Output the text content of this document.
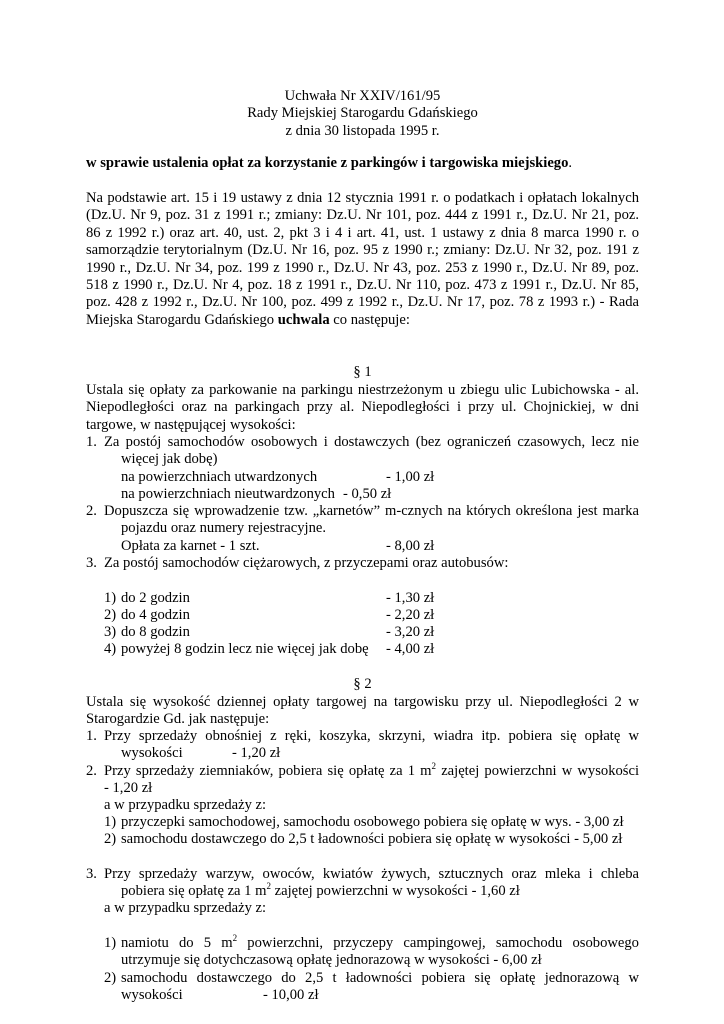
Uchwała Nr XXIV/161/95

Rady Miejskiej Starogardu Gdańskiego

z dnia 30 listopada 1995 r.

w sprawie ustalenia opłat za korzystanie z parkingów i targowiska miejskiego.
Na podstawie art. 15 i 19 ustawy z dnia 12 stycznia 1991 r. o podatkach i opłatach lokalnych (Dz.U. Nr 9, poz. 31 z 1991 r.; zmiany: Dz.U. Nr 101, poz. 444 z 1991 r., Dz.U. Nr 21, poz. 86 z 1992 r.) oraz art. 40, ust. 2, pkt 3 i 4 i art. 41, ust. 1 ustawy z dnia 8 marca 1990 r. o samorządzie terytorialnym (Dz.U. Nr 16, poz. 95 z 1990 r.; zmiany: Dz.U. Nr 32, poz. 191 z 1990 r., Dz.U. Nr 34, poz. 199 z 1990 r., Dz.U. Nr 43, poz. 253 z 1990 r., Dz.U. Nr 89, poz. 518 z 1990 r., Dz.U. Nr 4, poz. 18 z 1991 r., Dz.U. Nr 110, poz. 473 z 1991 r., Dz.U. Nr 85, poz. 428 z 1992 r., Dz.U. Nr 100, poz. 499 z 1992 r., Dz.U. Nr 17, poz. 78 z 1993 r.) - Rada Miejska Starogardu Gdańskiego uchwala co następuje:
§ 1
Ustala się opłaty za parkowanie na parkingu niestrzeżonym u zbiegu ulic Lubichowska - al. Niepodległości oraz na parkingach przy al. Niepodległości i przy ul. Chojnickiej, w dni targowe, w następującej wysokości:
1. Za postój samochodów osobowych i dostawczych (bez ograniczeń czasowych, lecz nie
więcej jak dobę)
na powierzchniach utwardzonych	- 1,00 zł
na powierzchniach nieutwardzonych - 0,50 zł
2. Dopuszcza się wprowadzenie tzw. „karnetów” m-cznych na których określona jest marka
pojazdu oraz numery rejestracyjne.
Opłata za karnet - 1 szt.	- 8,00 zł
3. Za postój samochodów ciężarowych, z przyczepami oraz autobusów:
1) do 2 godzin	- 1,30 zł
2) do 4 godzin	- 2,20 zł
3) do 8 godzin	- 3,20 zł
4) powyżej 8 godzin lecz nie więcej jak dobę - 4,00 zł
§ 2
Ustala się wysokość dziennej opłaty targowej na targowisku przy ul. Niepodległości 2 w Starogardzie Gd. jak następuje:
1. Przy sprzedaży obnośniej z ręki, koszyka, skrzyni, wiadra itp. pobiera się opłatę w
wysokości	- 1,20 zł
2. Przy sprzedaży ziemniaków, pobiera się opłatę za 1 $m^2$ zajętej powierzchni w wysokości
- 1,20 zł
a w przypadku sprzedaży z:
1) przyczepki samochodowej, samochodu osobowego pobiera się opłatę w wys. - 3,00 zł
2) samochodu dostawczego do 2,5 t ładowności pobiera się opłatę w wysokości - 5,00 zł
3. Przy sprzedaży warzyw, owoców, kwiatów żywych, sztucznych oraz mleka i chleba
pobiera się opłatę za 1 $m^2$ zajętej powierzchni w wysokości - 1,60 zł
a w przypadku sprzedaży z:
1) namiotu do 5 $m^2$ powierzchni, przyczepy campingowej, samochodu osobowego
utrzymuje się dotychczasową opłatę jednorazową w wysokości - 6,00 zł
2) samochodu dostawczego do 2,5 t ładowności pobiera się opłatę jednorazową w
wysokości	- 10,00 zł
